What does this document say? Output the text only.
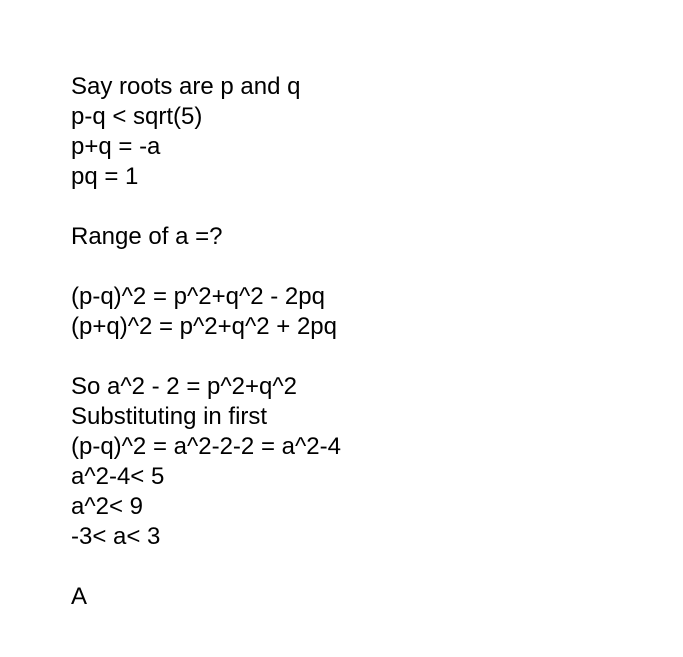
Say roots are p and q
p-q < sqrt(5)
p+q = -a
pq = 1
Range of a =?
(p-q)^2 = p^2+q^2 - 2pq
(p+q)^2 = p^2+q^2 + 2pq
So a^2 - 2 = p^2+q^2
Substituting in first
(p-q)^2 = a^2-2-2 = a^2-4
a^2-4< 5
a^2< 9
-3< a< 3
A
